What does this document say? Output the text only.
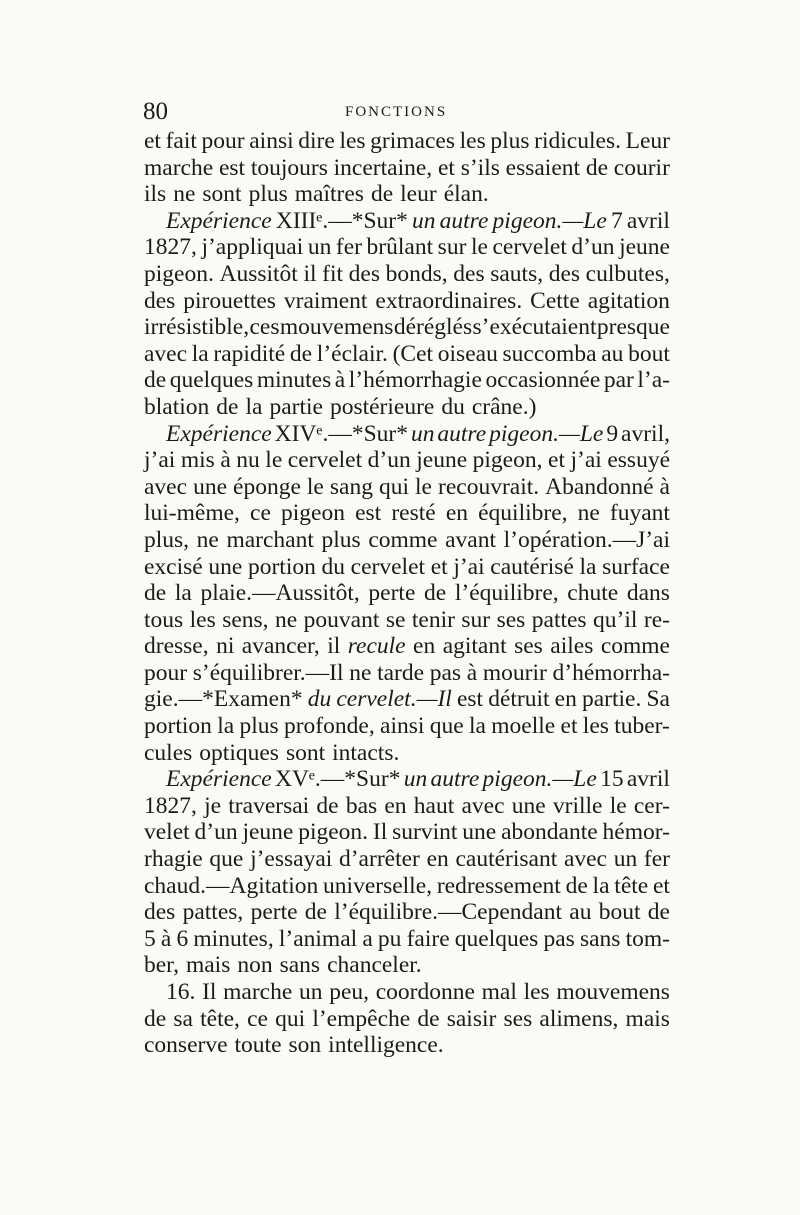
80	FONCTIONS
et fait pour ainsi dire les grimaces les plus ridicules. Leur
marche est toujours incertaine, et s’ils essaient de courir
ils ne sont plus maîtres de leur élan.
Expérience XIIIᵉ.—*Sur* un autre pigeon.—Le 7 avril
1827, j’appliquai un fer brûlant sur le cervelet d’un jeune
pigeon. Aussitôt il fit des bonds, des sauts, des culbutes,
des pirouettes vraiment extraordinaires. Cette agitation
irrésistible, ces mouvemens déréglés s’exécutaient presque
avec la rapidité de l’éclair. (Cet oiseau succomba au bout
de quelques minutes à l’hémorrhagie occasionnée par l’a-
blation de la partie postérieure du crâne.)
Expérience XIVᵉ.—*Sur* un autre pigeon.—Le 9 avril,
j’ai mis à nu le cervelet d’un jeune pigeon, et j’ai essuyé
avec une éponge le sang qui le recouvrait. Abandonné à
lui-même, ce pigeon est resté en équilibre, ne fuyant
plus, ne marchant plus comme avant l’opération.—J’ai
excisé une portion du cervelet et j’ai cautérisé la surface
de la plaie.—Aussitôt, perte de l’équilibre, chute dans
tous les sens, ne pouvant se tenir sur ses pattes qu’il re-
dresse, ni avancer, il recule en agitant ses ailes comme
pour s’équilibrer.—Il ne tarde pas à mourir d’hémorrha-
gie.—*Examen* du cervelet.—Il est détruit en partie. Sa
portion la plus profonde, ainsi que la moelle et les tuber-
cules optiques sont intacts.
Expérience XVᵉ.—*Sur* un autre pigeon.—Le 15 avril
1827, je traversai de bas en haut avec une vrille le cer-
velet d’un jeune pigeon. Il survint une abondante hémor-
rhagie que j’essayai d’arrêter en cautérisant avec un fer
chaud.—Agitation universelle, redressement de la tête et
des pattes, perte de l’équilibre.—Cependant au bout de
5 à 6 minutes, l’animal a pu faire quelques pas sans tom-
ber, mais non sans chanceler.
16. Il marche un peu, coordonne mal les mouvemens
de sa tête, ce qui l’empêche de saisir ses alimens, mais
conserve toute son intelligence.
